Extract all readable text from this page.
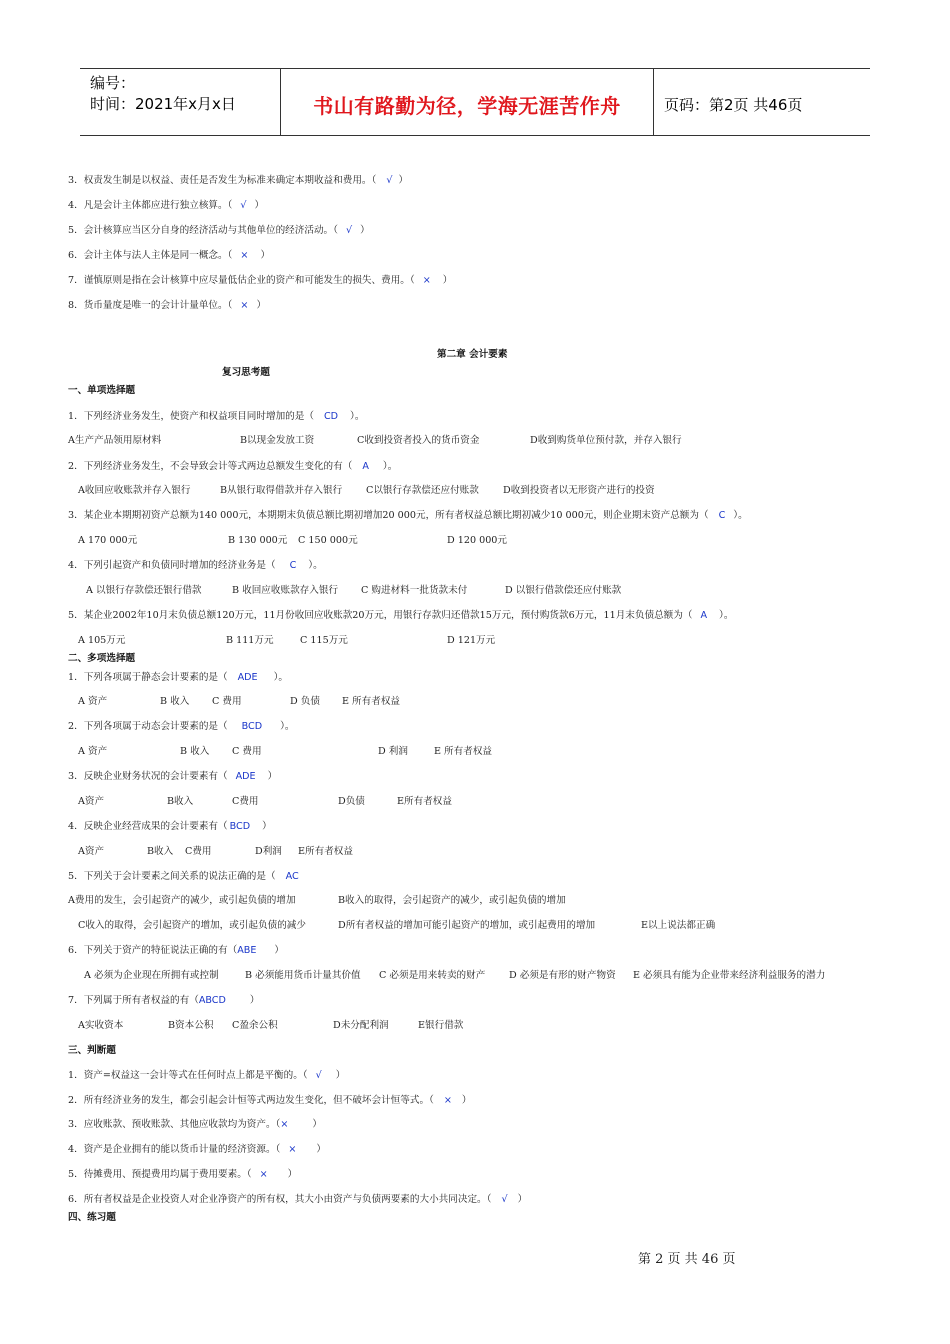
编号：
时间：2021年x月x日	书山有路勤为径，学海无涯苦作舟	页码：第2页 共46页
3．权责发生制是以权益、责任是否发生为标准来确定本期收益和费用。（ √ ）
4．凡是会计主体都应进行独立核算。（ √ ）
5．会计核算应当区分自身的经济活动与其他单位的经济活动。（ √ ）
6．会计主体与法人主体是同一概念。（ × ）
7．谨慎原则是指在会计核算中应尽量低估企业的资产和可能发生的损失、费用。（ × ）
8．货币量度是唯一的会计计量单位。（ × ）
第二章 会计要素
复习思考题
一、单项选择题
1．下列经济业务发生，使资产和权益项目同时增加的是（ CD ）。
A生产产品领用原材料	B以现金发放工资	C收到投资者投入的货币资金	D收到购货单位预付款，并存入银行
2．下列经济业务发生，不会导致会计等式两边总额发生变化的有（ A ）。
A收回应收账款并存入银行	B从银行取得借款并存入银行 C以银行存款偿还应付账款	D收到投资者以无形资产进行的投资
3．某企业本期期初资产总额为140 000元，本期期末负债总额比期初增加20 000元，所有者权益总额比期初减少10 000元，则企业期末资产总额为（ C ）。
A 170 000元	B 130 000元 C 150 000元	D 120 000元
4．下列引起资产和负债同时增加的经济业务是（ C ）。
A 以银行存款偿还银行借款	B 收回应收账款存入银行 C 购进材料一批货款未付	D 以银行借款偿还应付账款
5．某企业2002年10月末负债总额120万元，11月份收回应收账款20万元，用银行存款归还借款15万元，预付购货款6万元，11月末负债总额为（ A ）。
A 105万元	B 111万元	C 115万元	D 121万元
二、多项选择题
1．下列各项属于静态会计要素的是（ ADE ）。
A 资产	B 收入 C 费用	D 负债 E 所有者权益
2．下列各项属于动态会计要素的是（ BCD ）。
A 资产	B 收入 C 费用	D 利润	E 所有者权益
3．反映企业财务状况的会计要素有（ ADE ）
A资产	B收入	C费用	D负债	E所有者权益
4．反映企业经营成果的会计要素有（ BCD ）
A资产	B收入 C费用	D利润 E所有者权益
5．下列关于会计要素之间关系的说法正确的是（ AC
A费用的发生，会引起资产的减少，或引起负债的增加	B收入的取得，会引起资产的减少，或引起负债的增加
C收入的取得，会引起资产的增加，或引起负债的减少	D所有者权益的增加可能引起资产的增加，或引起费用的增加	E以上说法都正确
6．下列关于资产的特征说法正确的有（ABE ）
A 必须为企业现在所拥有或控制	B 必须能用货币计量其价值 C 必须是用来转卖的财产 D 必须是有形的财产物资 E 必须具有能为企业带来经济利益服务的潜力
7．下列属于所有者权益的有（ABCD	）
A实收资本	B资本公积 C盈余公积	D未分配利润	E银行借款
三、判断题
1．资产=权益这一会计等式在任何时点上都是平衡的。（ √ ）
2．所有经济业务的发生，都会引起会计恒等式两边发生变化，但不破坏会计恒等式。（ × ）
3．应收账款、预收账款、其他应收款均为资产。（×	）
4．资产是企业拥有的能以货币计量的经济资源。（ × ）
5．待摊费用、预提费用均属于费用要素。（ × ）
6．所有者权益是企业投资人对企业净资产的所有权，其大小由资产与负债两要素的大小共同决定。（ √ ）
四、练习题
第 2 页 共 46 页
